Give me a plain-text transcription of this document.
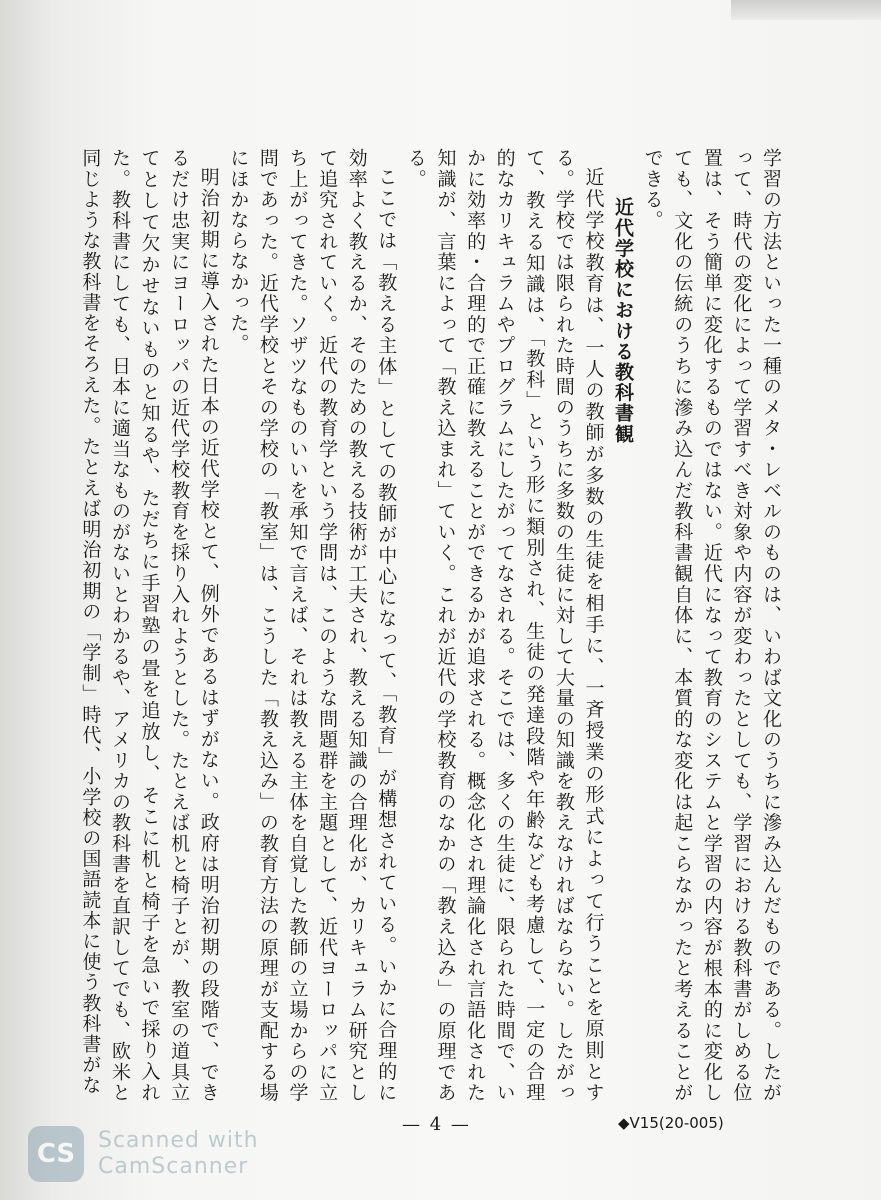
学習の方法といった一種のメタ・レベルのものは、いわば文化のうちに滲み込んだものである。したがって、時代の変化によって学習すべき対象や内容が変わったとしても、学習における教科書がしめる位置は、そう簡単に変化するものではない。近代になって教育のシステムと学習の内容が根本的に変化しても、文化の伝統のうちに滲み込んだ教科書観自体に、本質的な変化は起こらなかったと考えることができる。

近代学校における教科書観

近代学校教育は、一人の教師が多数の生徒を相手に、一斉授業の形式によって行うことを原則とする。学校では限られた時間のうちに多数の生徒に対して大量の知識を教えなければならない。したがって、教える知識は、「教科」という形に類別され、生徒の発達段階や年齢なども考慮して、一定の合理的なカリキュラムやプログラムにしたがってなされる。そこでは、多くの生徒に、限られた時間で、いかに効率的・合理的で正確に教えることができるかが追求される。概念化され理論化され言語化された知識が、言葉によって「教え込まれ」ていく。これが近代の学校教育のなかの「教え込み」の原理である。

ここでは「教える主体」としての教師が中心になって、「教育」が構想されている。いかに合理的に効率よく教えるか、そのための教える技術が工夫され、教える知識の合理化が、カリキュラム研究として追究されていく。近代の教育学という学問は、このような問題群を主題として、近代ヨーロッパに立ち上がってきた。ソザツなものいいを承知で言えば、それは教える主体を自覚した教師の立場からの学問であった。近代学校とその学校の「教室」は、こうした「教え込み」の教育方法の原理が支配する場にほかならなかった。

明治初期に導入された日本の近代学校とて、例外であるはずがない。政府は明治初期の段階で、できるだけ忠実にヨーロッパの近代学校教育を採り入れようとした。たとえば机と椅子とが、教室の道具立てとして欠かせないものと知るや、ただちに手習塾の畳を追放し、そこに机と椅子を急いで採り入れた。教科書にしても、日本に適当なものがないとわかるや、アメリカの教科書を直訳してでも、欧米と同じような教科書をそろえた。たとえば明治初期の「学制」時代、小学校の国語読本に使う教科書がな

— 4 —	◆V15(20-005)
CS	Scanned with
CamScanner
